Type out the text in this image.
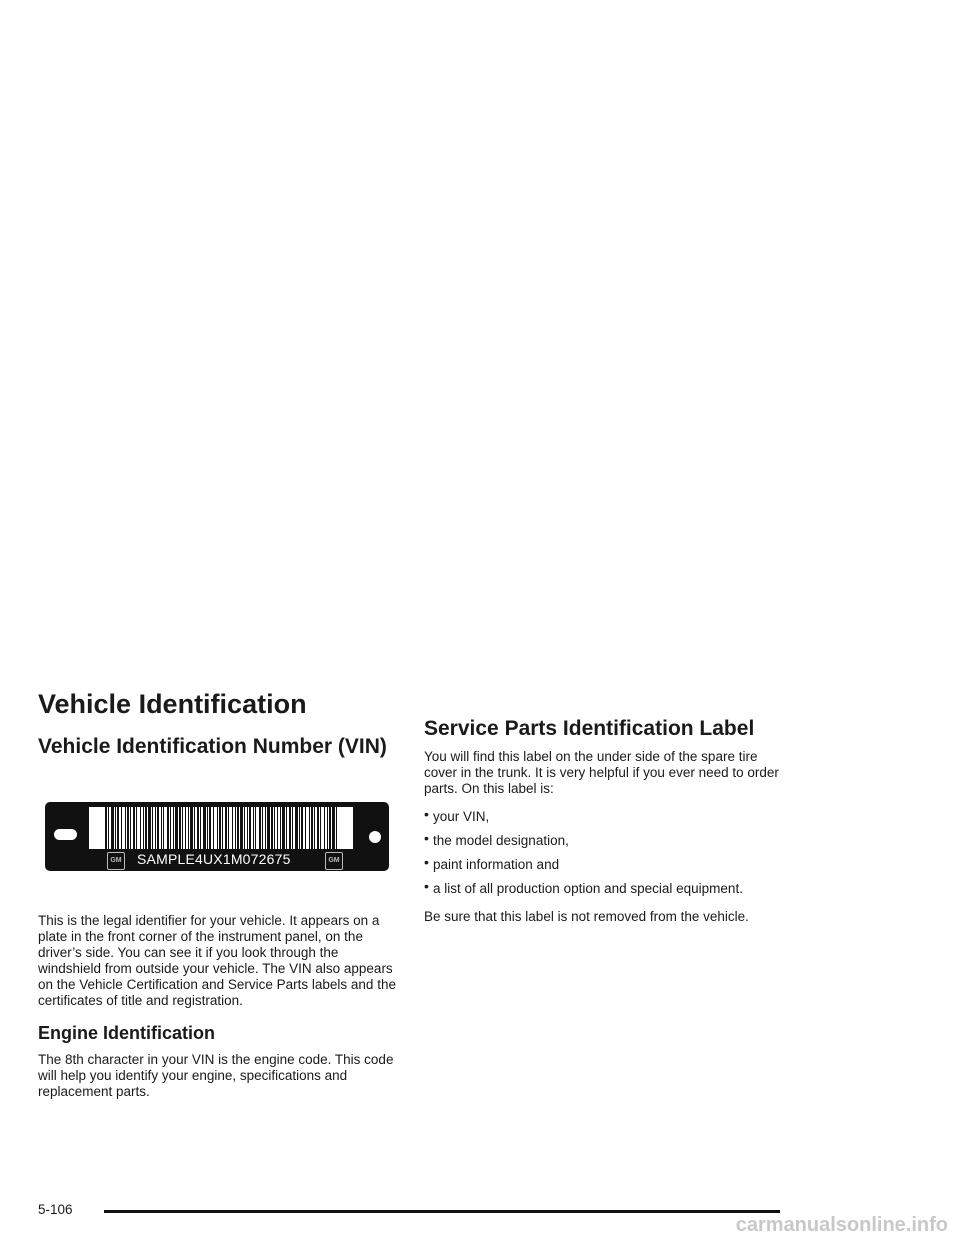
Vehicle Identification
Vehicle Identification Number (VIN)
GM SAMPLE4UX1M072675	GM

This is the legal identifier for your vehicle. It appears on a plate in the front corner of the instrument panel, on the driver’s side. You can see it if you look through the windshield from outside your vehicle. The VIN also appears on the Vehicle Certification and Service Parts labels and the certificates of title and registration.

Engine Identification

The 8th character in your VIN is the engine code. This code will help you identify your engine, specifications and replacement parts.

Service Parts Identification Label

You will find this label on the under side of the spare tire cover in the trunk. It is very helpful if you ever need to order parts. On this label is:

• your VIN,
• the model designation,
• paint information and
• a list of all production option and special equipment.

Be sure that this label is not removed from the vehicle.

5-106
carmanualsonline.info
